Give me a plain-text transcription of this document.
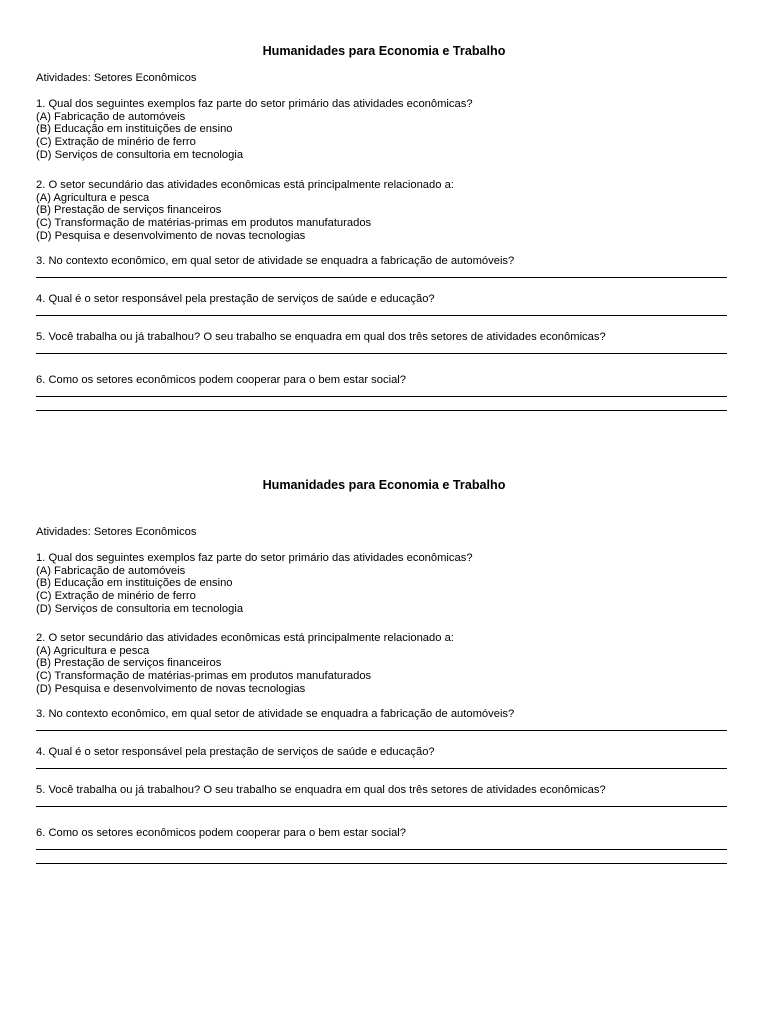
Humanidades para Economia e Trabalho

Atividades: Setores Econômicos

1. Qual dos seguintes exemplos faz parte do setor primário das atividades econômicas?

(A) Fabricação de automóveis

(B) Educação em instituições de ensino

(C) Extração de minério de ferro

(D) Serviços de consultoria em tecnologia

2. O setor secundário das atividades econômicas está principalmente relacionado a:

(A) Agricultura e pesca

(B) Prestação de serviços financeiros

(C) Transformação de matérias-primas em produtos manufaturados

(D) Pesquisa e desenvolvimento de novas tecnologias

3. No contexto econômico, em qual setor de atividade se enquadra a fabricação de automóveis?

4. Qual é o setor responsável pela prestação de serviços de saúde e educação?

5. Você trabalha ou já trabalhou? O seu trabalho se enquadra em qual dos três setores de atividades econômicas?

6. Como os setores econômicos podem cooperar para o bem estar social?

Humanidades para Economia e Trabalho

Atividades: Setores Econômicos

1. Qual dos seguintes exemplos faz parte do setor primário das atividades econômicas?

(A) Fabricação de automóveis

(B) Educação em instituições de ensino

(C) Extração de minério de ferro

(D) Serviços de consultoria em tecnologia

2. O setor secundário das atividades econômicas está principalmente relacionado a:

(A) Agricultura e pesca

(B) Prestação de serviços financeiros

(C) Transformação de matérias-primas em produtos manufaturados

(D) Pesquisa e desenvolvimento de novas tecnologias

3. No contexto econômico, em qual setor de atividade se enquadra a fabricação de automóveis?

4. Qual é o setor responsável pela prestação de serviços de saúde e educação?

5. Você trabalha ou já trabalhou? O seu trabalho se enquadra em qual dos três setores de atividades econômicas?

6. Como os setores econômicos podem cooperar para o bem estar social?
